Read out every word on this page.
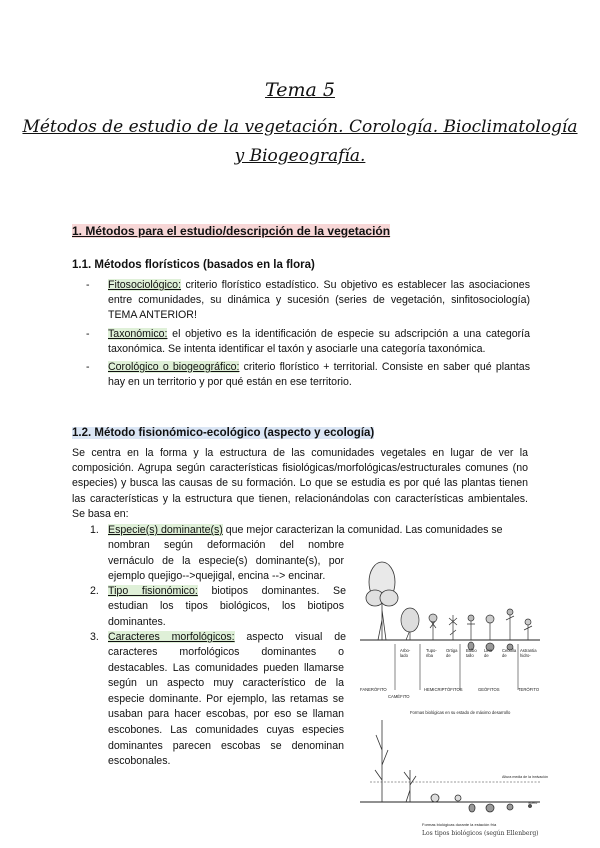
Tema 5
Métodos de estudio de la vegetación. Corología. Bioclimatología
y Biogeografía.
1. Métodos para el estudio/descripción de la vegetación
1.1. Métodos florísticos (basados en la flora)
- Fitosociológico: criterio florístico estadístico. Su objetivo es establecer las asociaciones entre comunidades, su dinámica y sucesión (series de vegetación, sinfitosociología) TEMA ANTERIOR!
- Taxonómico: el objetivo es la identificación de especie su adscripción a una categoría taxonómica. Se intenta identificar el taxón y asociarle una categoría taxonómica.
- Corológico o biogeográfico: criterio florístico + territorial. Consiste en saber qué plantas hay en un territorio y por qué están en ese territorio.
1.2. Método fisionómico-ecológico (aspecto y ecología)
Se centra en la forma y la estructura de las comunidades vegetales en lugar de ver la composición. Agrupa según características fisiológicas/morfológicas/estructurales comunes (no especies) y busca las causas de su formación. Lo que se estudia es por qué las plantas tienen las características y la estructura que tienen, relacionándolas con características ambientales. Se basa en:
1. Especie(s) dominante(s) que mejor caracterizan la comunidad. Las comunidades se
nombran según deformación del nombre
vernáculo de la especie(s) dominante(s), por
ejemplo quejigo-->quejigal, encina --> encinar.
2. Tipo fisionómico: biotipos dominantes. Se
estudian los tipos biológicos, los biotipos
dominantes.
3. Caracteres morfológicos: aspecto visual de
caracteres morfológicos dominantes o
destacables. Las comunidades pueden llamarse
según un aspecto muy característico de la
especie dominante. Por ejemplo, las retamas se
usaban para hacer escobas, por eso se llaman
escobones. Las comunidades cuyas especies
dominantes parecen escobas se denominan
escobonales.
Arbo-
lado
Tupo-
riba
Ortiga
de
Bulbo
tallo
Lirio
de
Cebolla
de
Astrantia
hidro-
FANERÓFITO
CAMÉFITO
HEMICRIPTÓFITOS	GEÓFITOS	TERÓFITO
Formas biológicas en su estado de máximo desarrollo
Altura media de la innivación
Suelo
Formas biológicas durante la estación fría
Los tipos biológicos (según Ellenberg)
